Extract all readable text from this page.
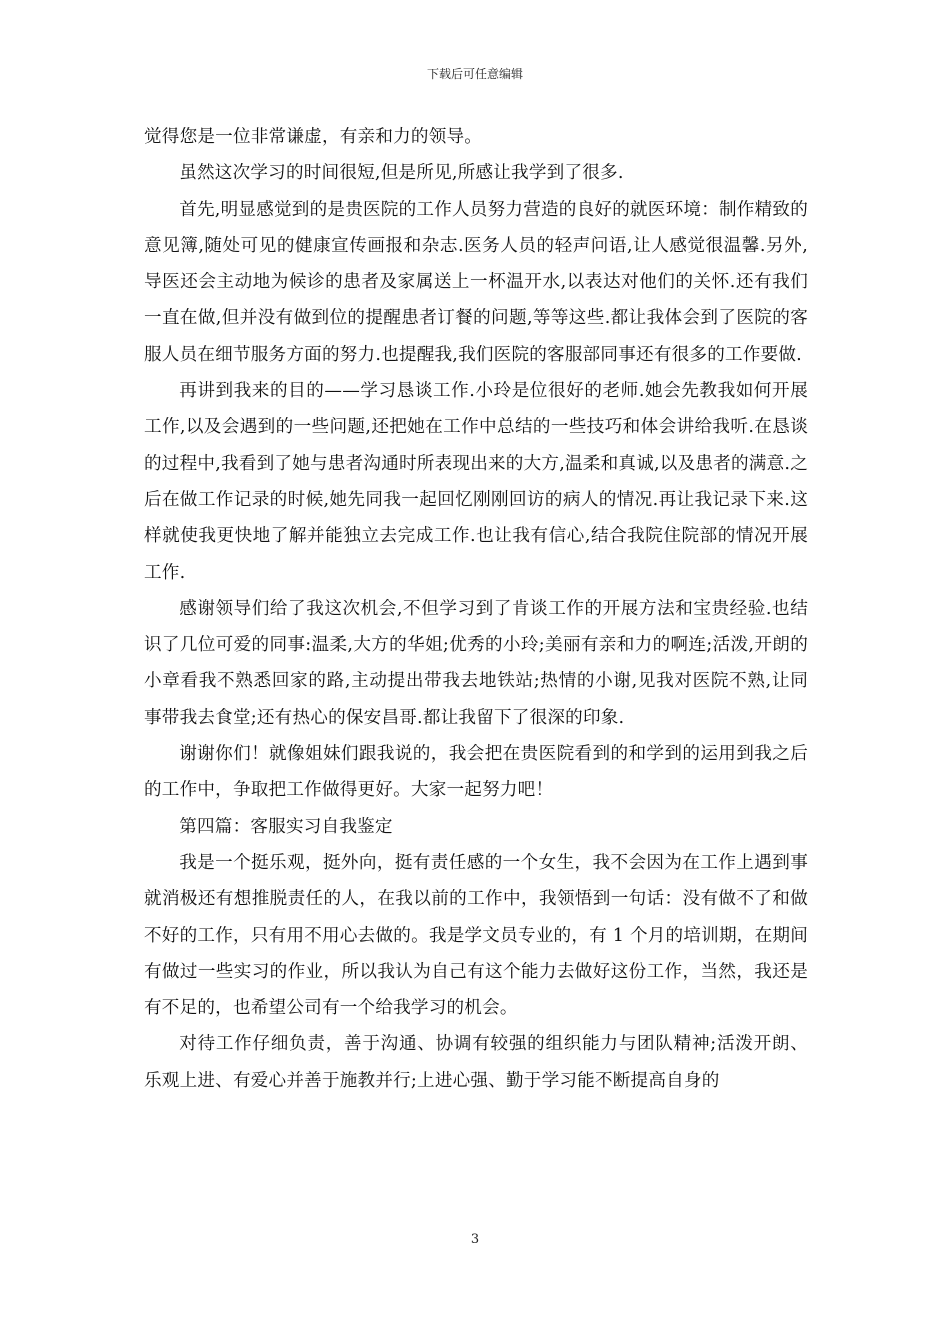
下载后可任意编辑

觉得您是一位非常谦虚，有亲和力的领导。

虽然这次学习的时间很短,但是所见,所感让我学到了很多.

首先,明显感觉到的是贵医院的工作人员努力营造的良好的就医环境：制作精致的意见簿,随处可见的健康宣传画报和杂志.医务人员的轻声问语,让人感觉很温馨.另外,导医还会主动地为候诊的患者及家属送上一杯温开水,以表达对他们的关怀.还有我们一直在做,但并没有做到位的提醒患者订餐的问题,等等这些.都让我体会到了医院的客服人员在细节服务方面的努力.也提醒我,我们医院的客服部同事还有很多的工作要做.

再讲到我来的目的——学习恳谈工作.小玲是位很好的老师.她会先教我如何开展工作,以及会遇到的一些问题,还把她在工作中总结的一些技巧和体会讲给我听.在恳谈的过程中,我看到了她与患者沟通时所表现出来的大方,温柔和真诚,以及患者的满意.之后在做工作记录的时候,她先同我一起回忆刚刚回访的病人的情况.再让我记录下来.这样就使我更快地了解并能独立去完成工作.也让我有信心,结合我院住院部的情况开展工作.

感谢领导们给了我这次机会,不但学习到了肯谈工作的开展方法和宝贵经验.也结识了几位可爱的同事:温柔,大方的华姐;优秀的小玲;美丽有亲和力的啊连;活泼,开朗的小章看我不熟悉回家的路,主动提出带我去地铁站;热情的小谢,见我对医院不熟,让同事带我去食堂;还有热心的保安昌哥.都让我留下了很深的印象.

谢谢你们！就像姐妹们跟我说的，我会把在贵医院看到的和学到的运用到我之后的工作中，争取把工作做得更好。大家一起努力吧！

第四篇：客服实习自我鉴定

我是一个挺乐观，挺外向，挺有责任感的一个女生，我不会因为在工作上遇到事就消极还有想推脱责任的人，在我以前的工作中，我领悟到一句话：没有做不了和做不好的工作，只有用不用心去做的。我是学文员专业的，有 1 个月的培训期，在期间有做过一些实习的作业，所以我认为自己有这个能力去做好这份工作，当然，我还是有不足的，也希望公司有一个给我学习的机会。

对待工作仔细负责，善于沟通、协调有较强的组织能力与团队精神;活泼开朗、乐观上进、有爱心并善于施教并行;上进心强、勤于学习能不断提高自身的

3
